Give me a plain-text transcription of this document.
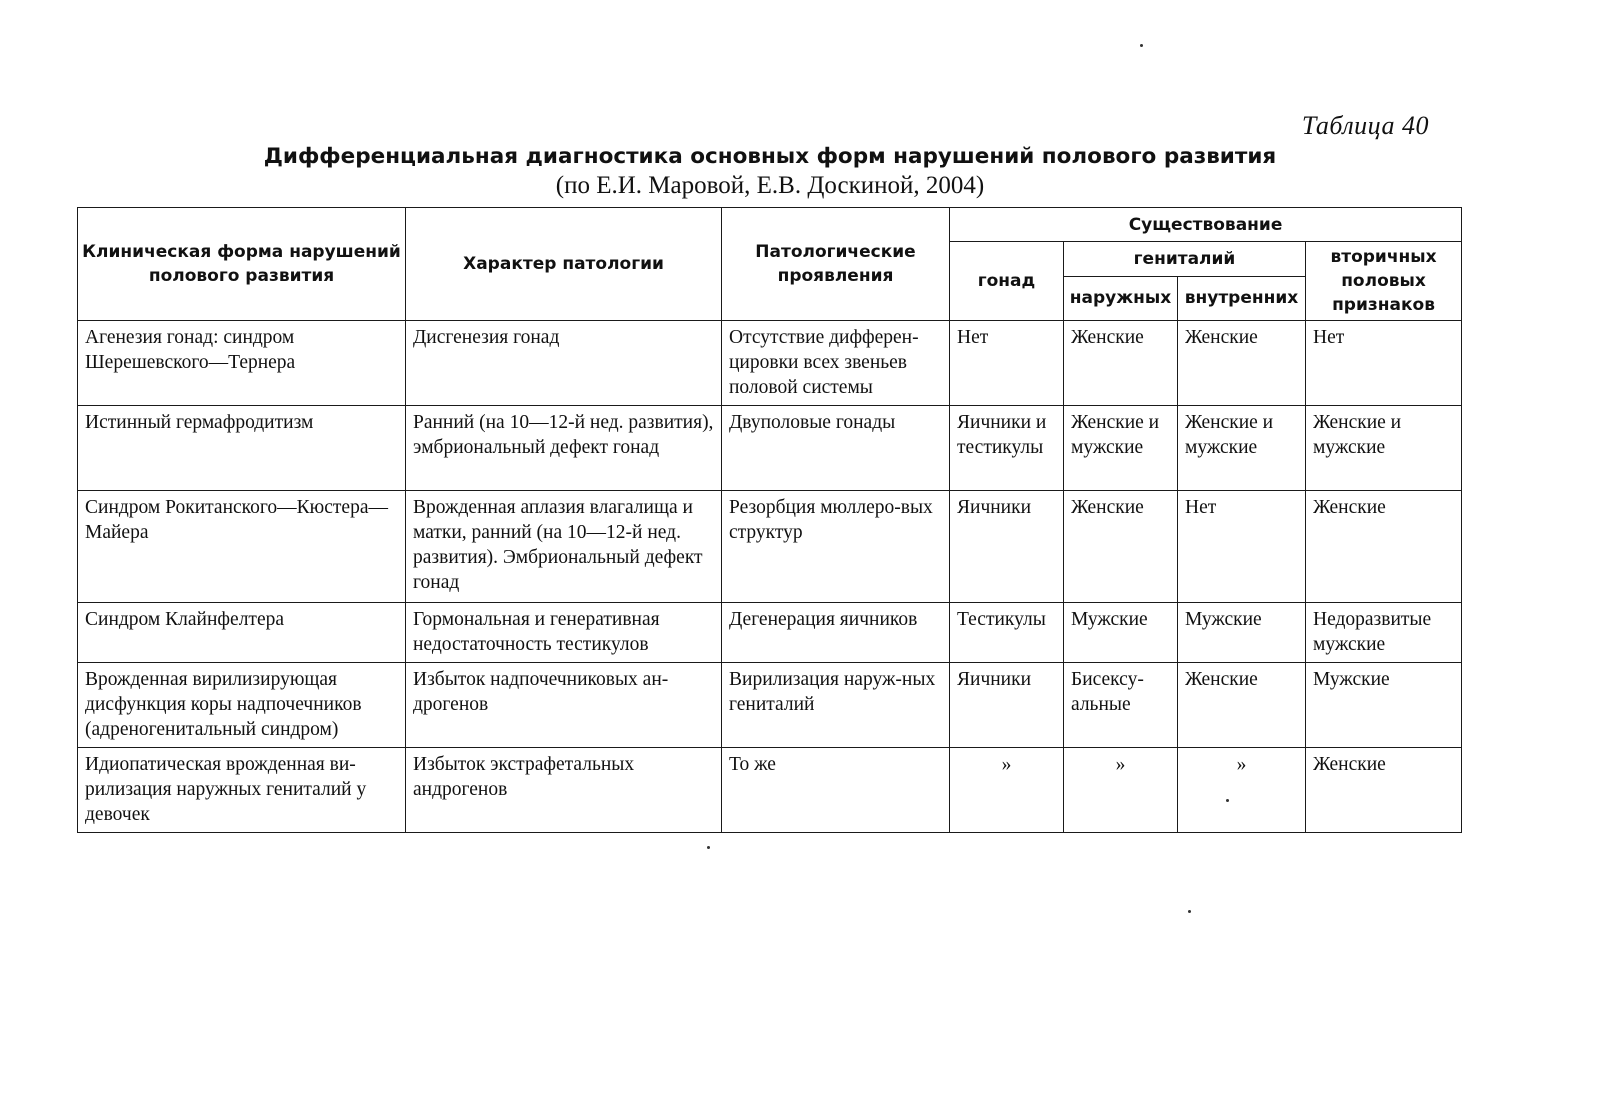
Таблица 40
Дифференциальная диагностика основных форм нарушений полового развития
(по Е.И. Маровой, Е.В. Доскиной, 2004)
Клиническая форма нарушений полового развития	Характер патологии	Патологические проявления	Существование			
			гонад	гениталий		вторичных половых признаков
				наружных	внутренних	
Агенезия гонад: синдром Шерешевского—Тернера	Дисгенезия гонад	Отсутствие дифферен-цировки всех звеньев половой системы	Нет	Женские	Женские	Нет
Истинный гермафродитизм	Ранний (на 10—12-й нед. развития), эмбриональный дефект гонад	Двуполовые гонады	Яичники и тестикулы	Женские и мужские	Женские и мужские	Женские и мужские
Синдром Рокитанского—Кюстера—Майера	Врожденная аплазия влагалища и матки, ранний (на 10—12-й нед. развития). Эмбриональный дефект гонад	Резорбция мюллеро-вых структур	Яичники	Женские	Нет	Женские
Синдром Клайнфелтера	Гормональная и генеративная недостаточность тестикулов	Дегенерация яичников	Тестикулы	Мужские	Мужские	Недоразвитые мужские
Врожденная вирилизирующая дисфункция коры надпочечников (адреногенитальный синдром)	Избыток надпочечниковых ан-дрогенов	Вирилизация наруж-ных гениталий	Яичники	Бисексу-альные	Женские	Мужские
Идиопатическая врожденная ви-рилизация наружных гениталий у девочек	Избыток экстрафетальных андрогенов	То же	»	»	»	Женские
